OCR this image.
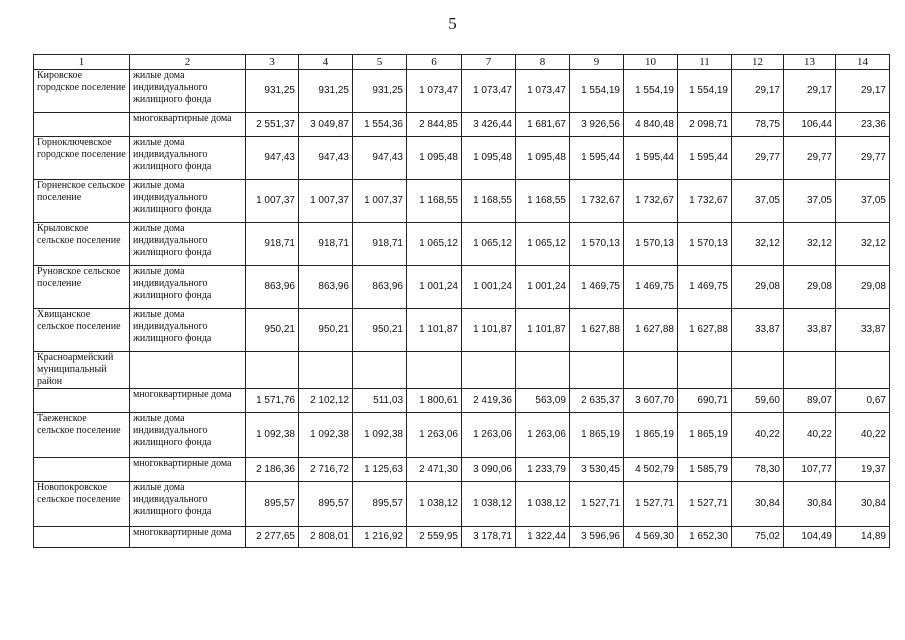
5
1	2	3	4	5	6	7	8	9	10	11	12	13	14
Кировское городское поселение	жилые дома индивидуального жилищного фонда	931,25	931,25	931,25	1 073,47	1 073,47	1 073,47	1 554,19	1 554,19	1 554,19	29,17	29,17	29,17
	многоквартирные дома	2 551,37	3 049,87	1 554,36	2 844,85	3 426,44	1 681,67	3 926,56	4 840,48	2 098,71	78,75	106,44	23,36
Горноключевское городское поселение	жилые дома индивидуального жилищного фонда	947,43	947,43	947,43	1 095,48	1 095,48	1 095,48	1 595,44	1 595,44	1 595,44	29,77	29,77	29,77
Горненское сельское поселение	жилые дома индивидуального жилищного фонда	1 007,37	1 007,37	1 007,37	1 168,55	1 168,55	1 168,55	1 732,67	1 732,67	1 732,67	37,05	37,05	37,05
Крыловское сельское поселение	жилые дома индивидуального жилищного фонда	918,71	918,71	918,71	1 065,12	1 065,12	1 065,12	1 570,13	1 570,13	1 570,13	32,12	32,12	32,12
Руновское сельское поселение	жилые дома индивидуального жилищного фонда	863,96	863,96	863,96	1 001,24	1 001,24	1 001,24	1 469,75	1 469,75	1 469,75	29,08	29,08	29,08
Хвищанское сельское поселение	жилые дома индивидуального жилищного фонда	950,21	950,21	950,21	1 101,87	1 101,87	1 101,87	1 627,88	1 627,88	1 627,88	33,87	33,87	33,87
Красноармейский муниципальный район													
	многоквартирные дома	1 571,76	2 102,12	511,03	1 800,61	2 419,36	563,09	2 635,37	3 607,70	690,71	59,60	89,07	0,67
Таеженское сельское поселение	жилые дома индивидуального жилищного фонда	1 092,38	1 092,38	1 092,38	1 263,06	1 263,06	1 263,06	1 865,19	1 865,19	1 865,19	40,22	40,22	40,22
	многоквартирные дома	2 186,36	2 716,72	1 125,63	2 471,30	3 090,06	1 233,79	3 530,45	4 502,79	1 585,79	78,30	107,77	19,37
Новопокровское сельское поселение	жилые дома индивидуального жилищного фонда	895,57	895,57	895,57	1 038,12	1 038,12	1 038,12	1 527,71	1 527,71	1 527,71	30,84	30,84	30,84
	многоквартирные дома	2 277,65	2 808,01	1 216,92	2 559,95	3 178,71	1 322,44	3 596,96	4 569,30	1 652,30	75,02	104,49	14,89
